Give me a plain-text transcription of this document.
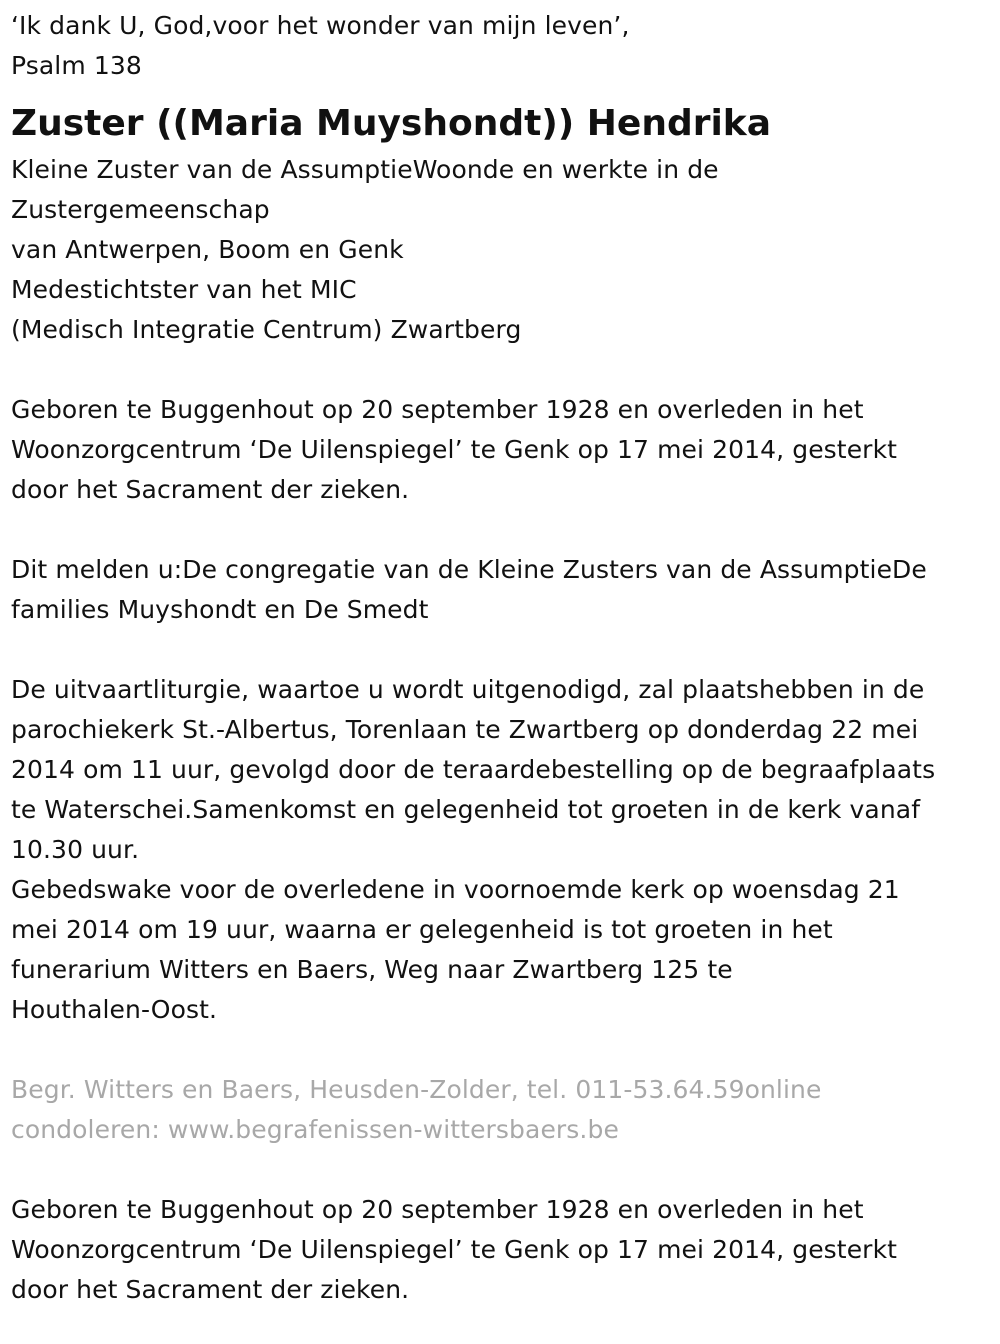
‘Ik dank U, God,voor het wonder van mijn leven’,
Psalm 138
Zuster ((Maria Muyshondt)) Hendrika
Kleine Zuster van de AssumptieWoonde en werkte in de
Zustergemeenschap
van Antwerpen, Boom en Genk
Medestichtster van het MIC
(Medisch Integratie Centrum) Zwartberg
Geboren te Buggenhout op 20 september 1928 en overleden in het
Woonzorgcentrum ‘De Uilenspiegel’ te Genk op 17 mei 2014, gesterkt
door het Sacrament der zieken.
Dit melden u:De congregatie van de Kleine Zusters van de AssumptieDe
families Muyshondt en De Smedt
De uitvaartliturgie, waartoe u wordt uitgenodigd, zal plaatshebben in de
parochiekerk St.-Albertus, Torenlaan te Zwartberg op donderdag 22 mei
2014 om 11 uur, gevolgd door de teraardebestelling op de begraafplaats
te Waterschei.Samenkomst en gelegenheid tot groeten in de kerk vanaf
10.30 uur.
Gebedswake voor de overledene in voornoemde kerk op woensdag 21
mei 2014 om 19 uur, waarna er gelegenheid is tot groeten in het
funerarium Witters en Baers, Weg naar Zwartberg 125 te
Houthalen-Oost.
Begr. Witters en Baers, Heusden-Zolder, tel. 011-53.64.59online
condoleren: www.begrafenissen-wittersbaers.be
Geboren te Buggenhout op 20 september 1928 en overleden in het
Woonzorgcentrum ‘De Uilenspiegel’ te Genk op 17 mei 2014, gesterkt
door het Sacrament der zieken.
